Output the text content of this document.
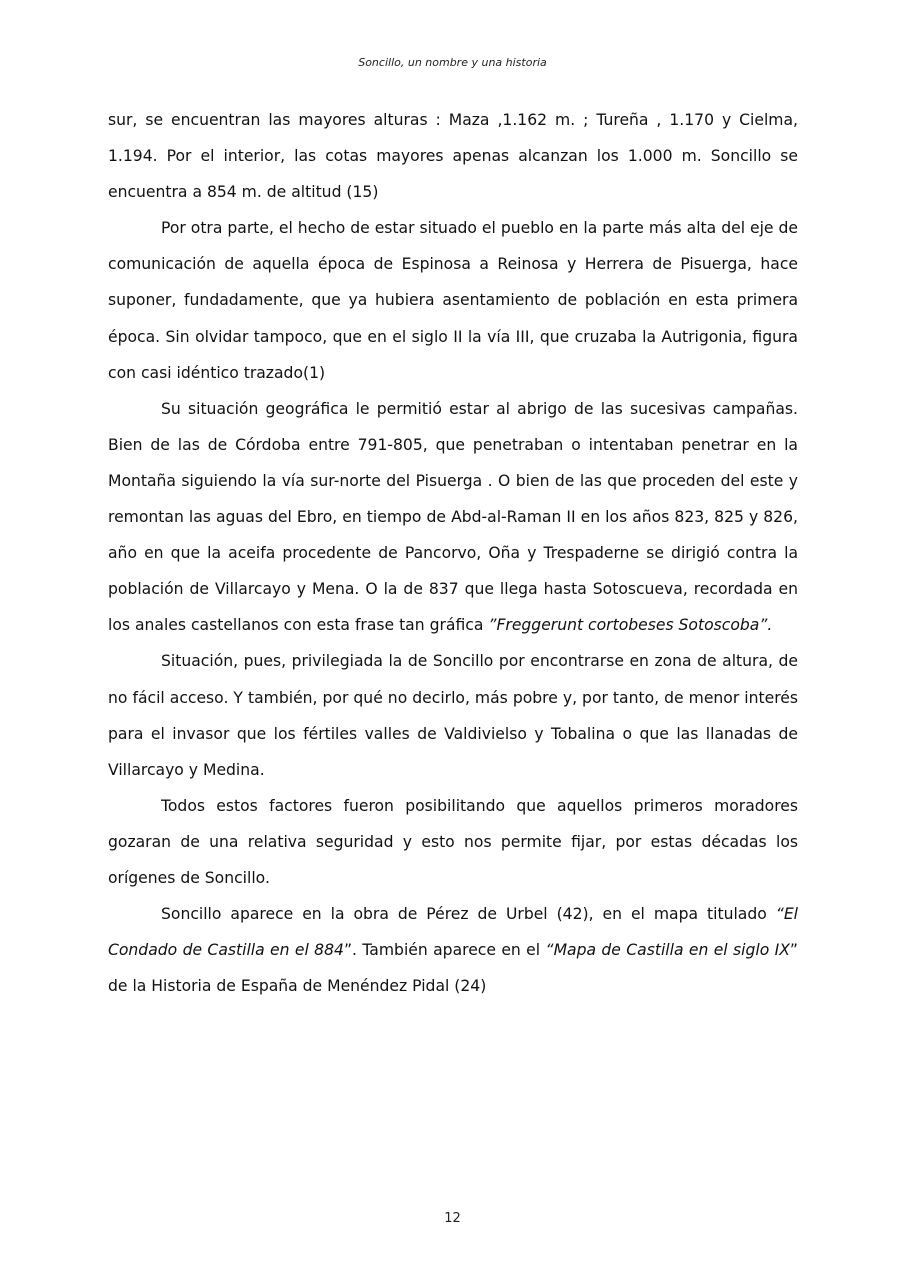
Soncillo, un nombre y una historia

sur, se encuentran las mayores alturas : Maza ,1.162 m. ; Tureña , 1.170 y Cielma, 1.194. Por el interior, las cotas mayores apenas alcanzan los 1.000 m. Soncillo se encuentra a 854 m. de altitud (15)

Por otra parte, el hecho de estar situado el pueblo en la parte más alta del eje de comunicación de aquella época de Espinosa a Reinosa y Herrera de Pisuerga, hace suponer, fundadamente, que ya hubiera asentamiento de población en esta primera época. Sin olvidar tampoco, que en el siglo II la vía III, que cruzaba la Autrigonia, figura con casi idéntico trazado(1)

Su situación geográfica le permitió estar al abrigo de las sucesivas campañas. Bien de las de Córdoba entre 791-805, que penetraban o intentaban penetrar en la Montaña siguiendo la vía sur-norte del Pisuerga . O bien de las que proceden del este y remontan las aguas del Ebro, en tiempo de Abd-al-Raman II en los años 823, 825 y 826, año en que la aceifa procedente de Pancorvo, Oña y Trespaderne se dirigió contra la población de Villarcayo y Mena. O la de 837 que llega hasta Sotoscueva, recordada en los anales castellanos con esta frase tan gráfica ”Freggerunt cortobeses Sotoscoba”.

Situación, pues, privilegiada la de Soncillo por encontrarse en zona de altura, de no fácil acceso. Y también, por qué no decirlo, más pobre y, por tanto, de menor interés para el invasor que los fértiles valles de Valdivielso y Tobalina o que las llanadas de Villarcayo y Medina.

Todos estos factores fueron posibilitando que aquellos primeros moradores gozaran de una relativa seguridad y esto nos permite fijar, por estas décadas los orígenes de Soncillo.

Soncillo aparece en la obra de Pérez de Urbel (42), en el mapa titulado “El Condado de Castilla en el 884”. También aparece en el “Mapa de Castilla en el siglo IX” de la Historia de España de Menéndez Pidal (24)

12
